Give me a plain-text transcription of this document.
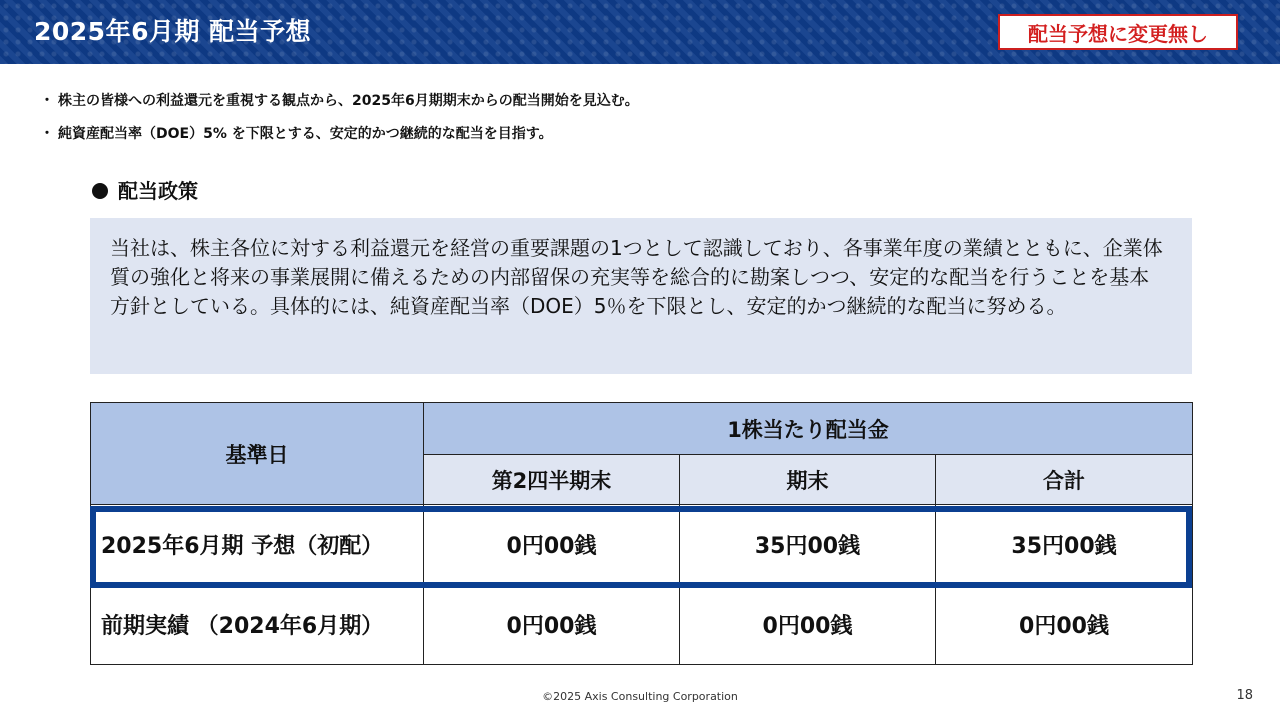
2025年6月期 配当予想	配当予想に変更無し
・ 株主の皆様への利益還元を重視する観点から、2025年6月期期末からの配当開始を見込む。
・ 純資産配当率（DOE）5% を下限とする、安定的かつ継続的な配当を目指す。
配当政策

当社は、株主各位に対する利益還元を経営の重要課題の1つとして認識しており、各事業年度の業績とともに、企業体質の強化と将来の事業展開に備えるための内部留保の充実等を総合的に勘案しつつ、安定的な配当を行うことを基本方針としている。具体的には、純資産配当率（DOE）5％を下限とし、安定的かつ継続的な配当に努める。

基準日	1株当たり配当金		
	第2四半期末	期末	合計
2025年6月期 予想（初配）	0円00銭	35円00銭	35円00銭
前期実績 （2024年6月期）	0円00銭	0円00銭	0円00銭
©2025 Axis Consulting Corporation	18
